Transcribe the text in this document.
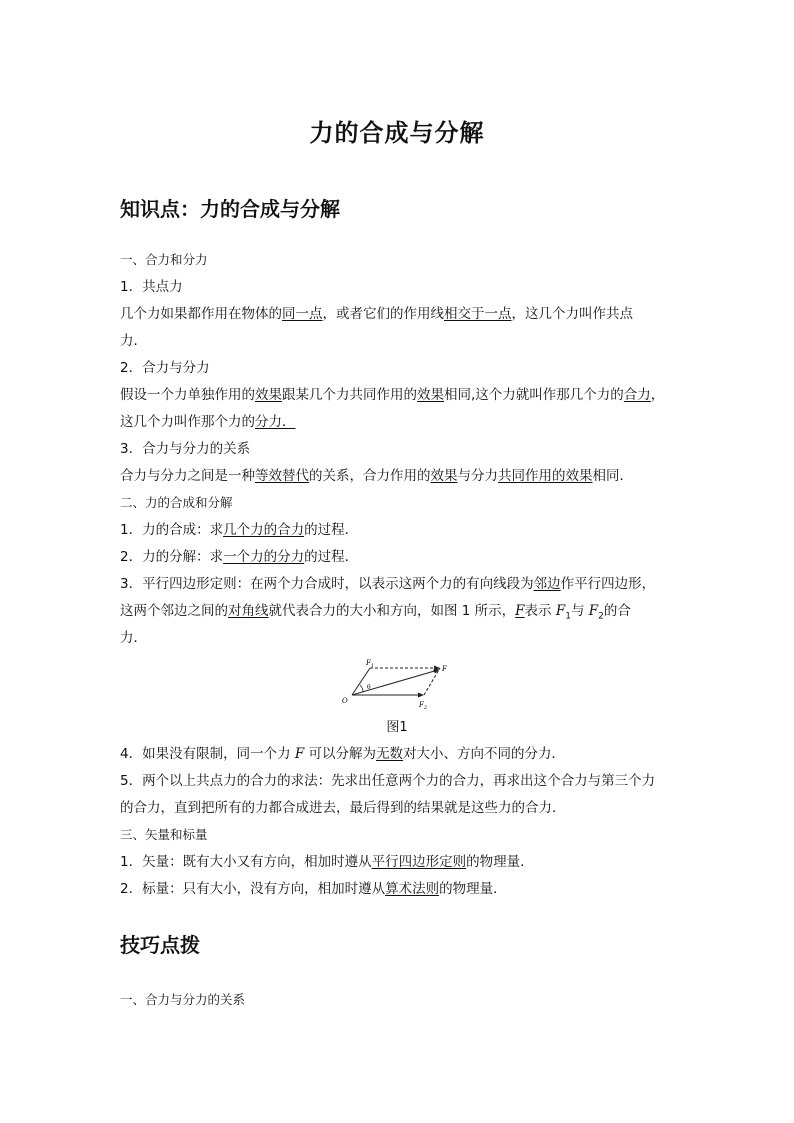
力的合成与分解
知识点：力的合成与分解
一、合力和分力
1．共点力
几个力如果都作用在物体的同一点，或者它们的作用线相交于一点，这几个力叫作共点
力．
2．合力与分力
假设一个力单独作用的效果跟某几个力共同作用的效果相同,这个力就叫作那几个力的合力，
这几个力叫作那个力的分力．
3．合力与分力的关系
合力与分力之间是一种等效替代的关系，合力作用的效果与分力共同作用的效果相同．
二、力的合成和分解
1．力的合成：求几个力的合力的过程．
2．力的分解：求一个力的分力的过程．
3．平行四边形定则：在两个力合成时，以表示这两个力的有向线段为邻边作平行四边形，
这两个邻边之间的对角线就代表合力的大小和方向，如图 1 所示，F表示 $F_1$与 $F_2$的合
力．
$F_1$	F
O
θ
$F_2$
图1
4．如果没有限制，同一个力 F 可以分解为无数对大小、方向不同的分力．
5．两个以上共点力的合力的求法：先求出任意两个力的合力，再求出这个合力与第三个力
的合力，直到把所有的力都合成进去，最后得到的结果就是这些力的合力．
三、矢量和标量
1．矢量：既有大小又有方向，相加时遵从平行四边形定则的物理量．
2．标量：只有大小，没有方向，相加时遵从算术法则的物理量．
技巧点拨
一、合力与分力的关系
